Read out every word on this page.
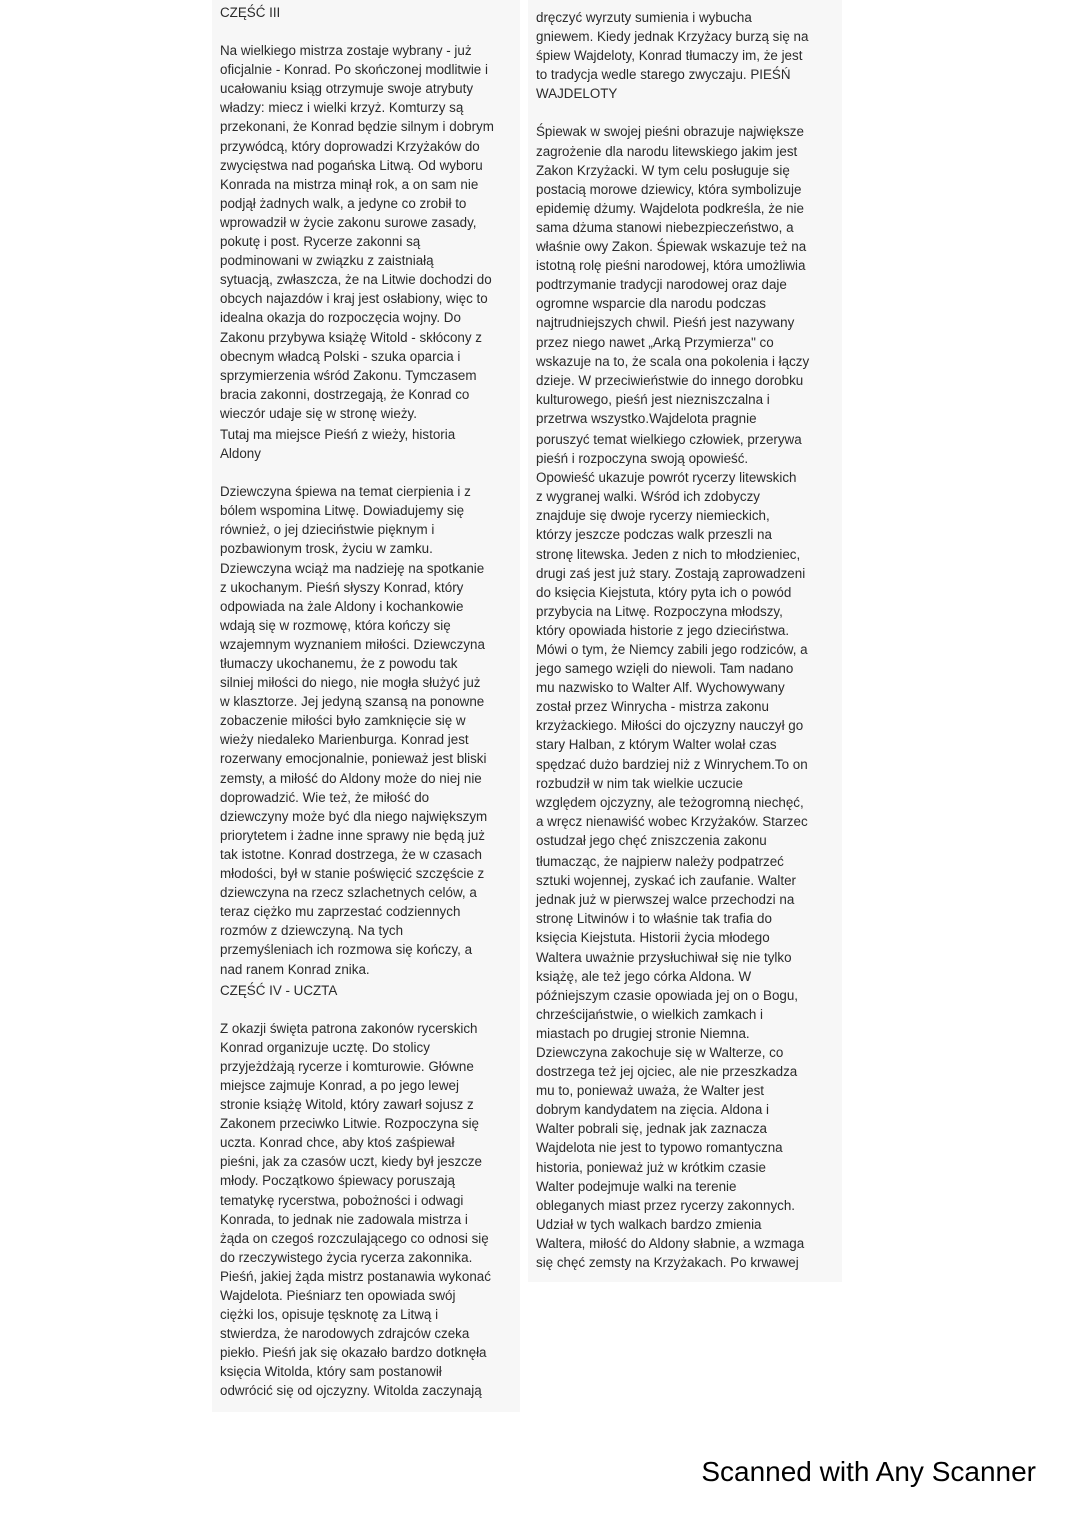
CZĘŚĆ III

Na wielkiego mistrza zostaje wybrany - już
oficjalnie - Konrad. Po skończonej modlitwie i
ucałowaniu ksiąg otrzymuje swoje atrybuty
władzy: miecz i wielki krzyż. Komturzy są
przekonani, że Konrad będzie silnym i dobrym
przywódcą, który doprowadzi Krzyżaków do
zwycięstwa nad pogańska Litwą. Od wyboru
Konrada na mistrza minął rok, a on sam nie
podjął żadnych walk, a jedyne co zrobił to
wprowadził w życie zakonu surowe zasady,
pokutę i post. Rycerze zakonni są
podminowani w związku z zaistniałą
sytuacją, zwłaszcza, że na Litwie dochodzi do
obcych najazdów i kraj jest osłabiony, więc to
idealna okazja do rozpoczęcia wojny. Do
Zakonu przybywa książę Witold - skłócony z
obecnym władcą Polski - szuka oparcia i
sprzymierzenia wśród Zakonu. Tymczasem
bracia zakonni, dostrzegają, że Konrad co
wieczór udaje się w stronę wieży.

Tutaj ma miejsce Pieśń z wieży, historia
Aldony

Dziewczyna śpiewa na temat cierpienia i z
bólem wspomina Litwę. Dowiadujemy się
również, o jej dzieciństwie pięknym i
pozbawionym trosk, życiu w zamku.
Dziewczyna wciąż ma nadzieję na spotkanie
z ukochanym. Pieśń słyszy Konrad, który
odpowiada na żale Aldony i kochankowie
wdają się w rozmowę, która kończy się
wzajemnym wyznaniem miłości. Dziewczyna
tłumaczy ukochanemu, że z powodu tak
silniej miłości do niego, nie mogła służyć już
w klasztorze. Jej jedyną szansą na ponowne
zobaczenie miłości było zamknięcie się w
wieży niedaleko Marienburga. Konrad jest
rozerwany emocjonalnie, ponieważ jest bliski
zemsty, a miłość do Aldony może do niej nie
doprowadzić. Wie też, że miłość do
dziewczyny może być dla niego największym
priorytetem i żadne inne sprawy nie będą już
tak istotne. Konrad dostrzega, że w czasach
młodości, był w stanie poświęcić szczęście z
dziewczyna na rzecz szlachetnych celów, a
teraz ciężko mu zaprzestać codziennych
rozmów z dziewczyną. Na tych
przemyśleniach ich rozmowa się kończy, a
nad ranem Konrad znika.

CZĘŚĆ IV - UCZTA

Z okazji święta patrona zakonów rycerskich
Konrad organizuje ucztę. Do stolicy
przyjeżdżają rycerze i komturowie. Główne
miejsce zajmuje Konrad, a po jego lewej
stronie książę Witold, który zawarł sojusz z
Zakonem przeciwko Litwie. Rozpoczyna się
uczta. Konrad chce, aby ktoś zaśpiewał
pieśni, jak za czasów uczt, kiedy był jeszcze
młody. Początkowo śpiewacy poruszają
tematykę rycerstwa, pobożności i odwagi
Konrada, to jednak nie zadowala mistrza i
żąda on czegoś rozczulającego co odnosi się
do rzeczywistego życia rycerza zakonnika.
Pieśń, jakiej żąda mistrz postanawia wykonać
Wajdelota. Pieśniarz ten opowiada swój
ciężki los, opisuje tęsknotę za Litwą i
stwierdza, że narodowych zdrajców czeka
piekło. Pieśń jak się okazało bardzo dotknęła
księcia Witolda, który sam postanowił
odwrócić się od ojczyzny. Witolda zaczynają

dręczyć wyrzuty sumienia i wybucha
gniewem. Kiedy jednak Krzyżacy burzą się na
śpiew Wajdeloty, Konrad tłumaczy im, że jest
to tradycja wedle starego zwyczaju. PIEŚŃ
WAJDELOTY

Śpiewak w swojej pieśni obrazuje największe
zagrożenie dla narodu litewskiego jakim jest
Zakon Krzyżacki. W tym celu posługuje się
postacią morowe dziewicy, która symbolizuje
epidemię dżumy. Wajdelota podkreśla, że nie
sama dżuma stanowi niebezpieczeństwo, a
właśnie owy Zakon. Śpiewak wskazuje też na
istotną rolę pieśni narodowej, która umożliwia
podtrzymanie tradycji narodowej oraz daje
ogromne wsparcie dla narodu podczas
najtrudniejszych chwil. Pieśń jest nazywany
przez niego nawet „Arką Przymierza" co
wskazuje na to, że scala ona pokolenia i łączy
dzieje. W przeciwieństwie do innego dorobku
kulturowego, pieśń jest niezniszczalna i
przetrwa wszystko.Wajdelota pragnie

poruszyć temat wielkiego człowiek, przerywa
pieśń i rozpoczyna swoją opowieść.
Opowieść ukazuje powrót rycerzy litewskich
z wygranej walki. Wśród ich zdobyczy
znajduje się dwoje rycerzy niemieckich,
którzy jeszcze podczas walk przeszli na
stronę litewska. Jeden z nich to młodzieniec,
drugi zaś jest już stary. Zostają zaprowadzeni
do księcia Kiejstuta, który pyta ich o powód
przybycia na Litwę. Rozpoczyna młodszy,
który opowiada historie z jego dzieciństwa.
Mówi o tym, że Niemcy zabili jego rodziców, a
jego samego wzięli do niewoli. Tam nadano
mu nazwisko to Walter Alf. Wychowywany
został przez Winrycha - mistrza zakonu
krzyżackiego. Miłości do ojczyzny nauczył go
stary Halban, z którym Walter wolał czas
spędzać dużo bardziej niż z Winrychem.To on
rozbudził w nim tak wielkie uczucie
względem ojczyzny, ale teżogromną niechęć,
a wręcz nienawiść wobec Krzyżaków. Starzec
ostudzał jego chęć zniszczenia zakonu

tłumacząc, że najpierw należy podpatrzeć
sztuki wojennej, zyskać ich zaufanie. Walter
jednak już w pierwszej walce przechodzi na
stronę Litwinów i to właśnie tak trafia do
księcia Kiejstuta. Historii życia młodego
Waltera uważnie przysłuchiwał się nie tylko
książę, ale też jego córka Aldona. W
późniejszym czasie opowiada jej on o Bogu,
chrześcijaństwie, o wielkich zamkach i
miastach po drugiej stronie Niemna.
Dziewczyna zakochuje się w Walterze, co
dostrzega też jej ojciec, ale nie przeszkadza
mu to, ponieważ uważa, że Walter jest
dobrym kandydatem na zięcia. Aldona i
Walter pobrali się, jednak jak zaznacza
Wajdelota nie jest to typowo romantyczna
historia, ponieważ już w krótkim czasie
Walter podejmuje walki na terenie
obleganych miast przez rycerzy zakonnych.
Udział w tych walkach bardzo zmienia
Waltera, miłość do Aldony słabnie, a wzmaga
się chęć zemsty na Krzyżakach. Po krwawej

Scanned with Any Scanner
